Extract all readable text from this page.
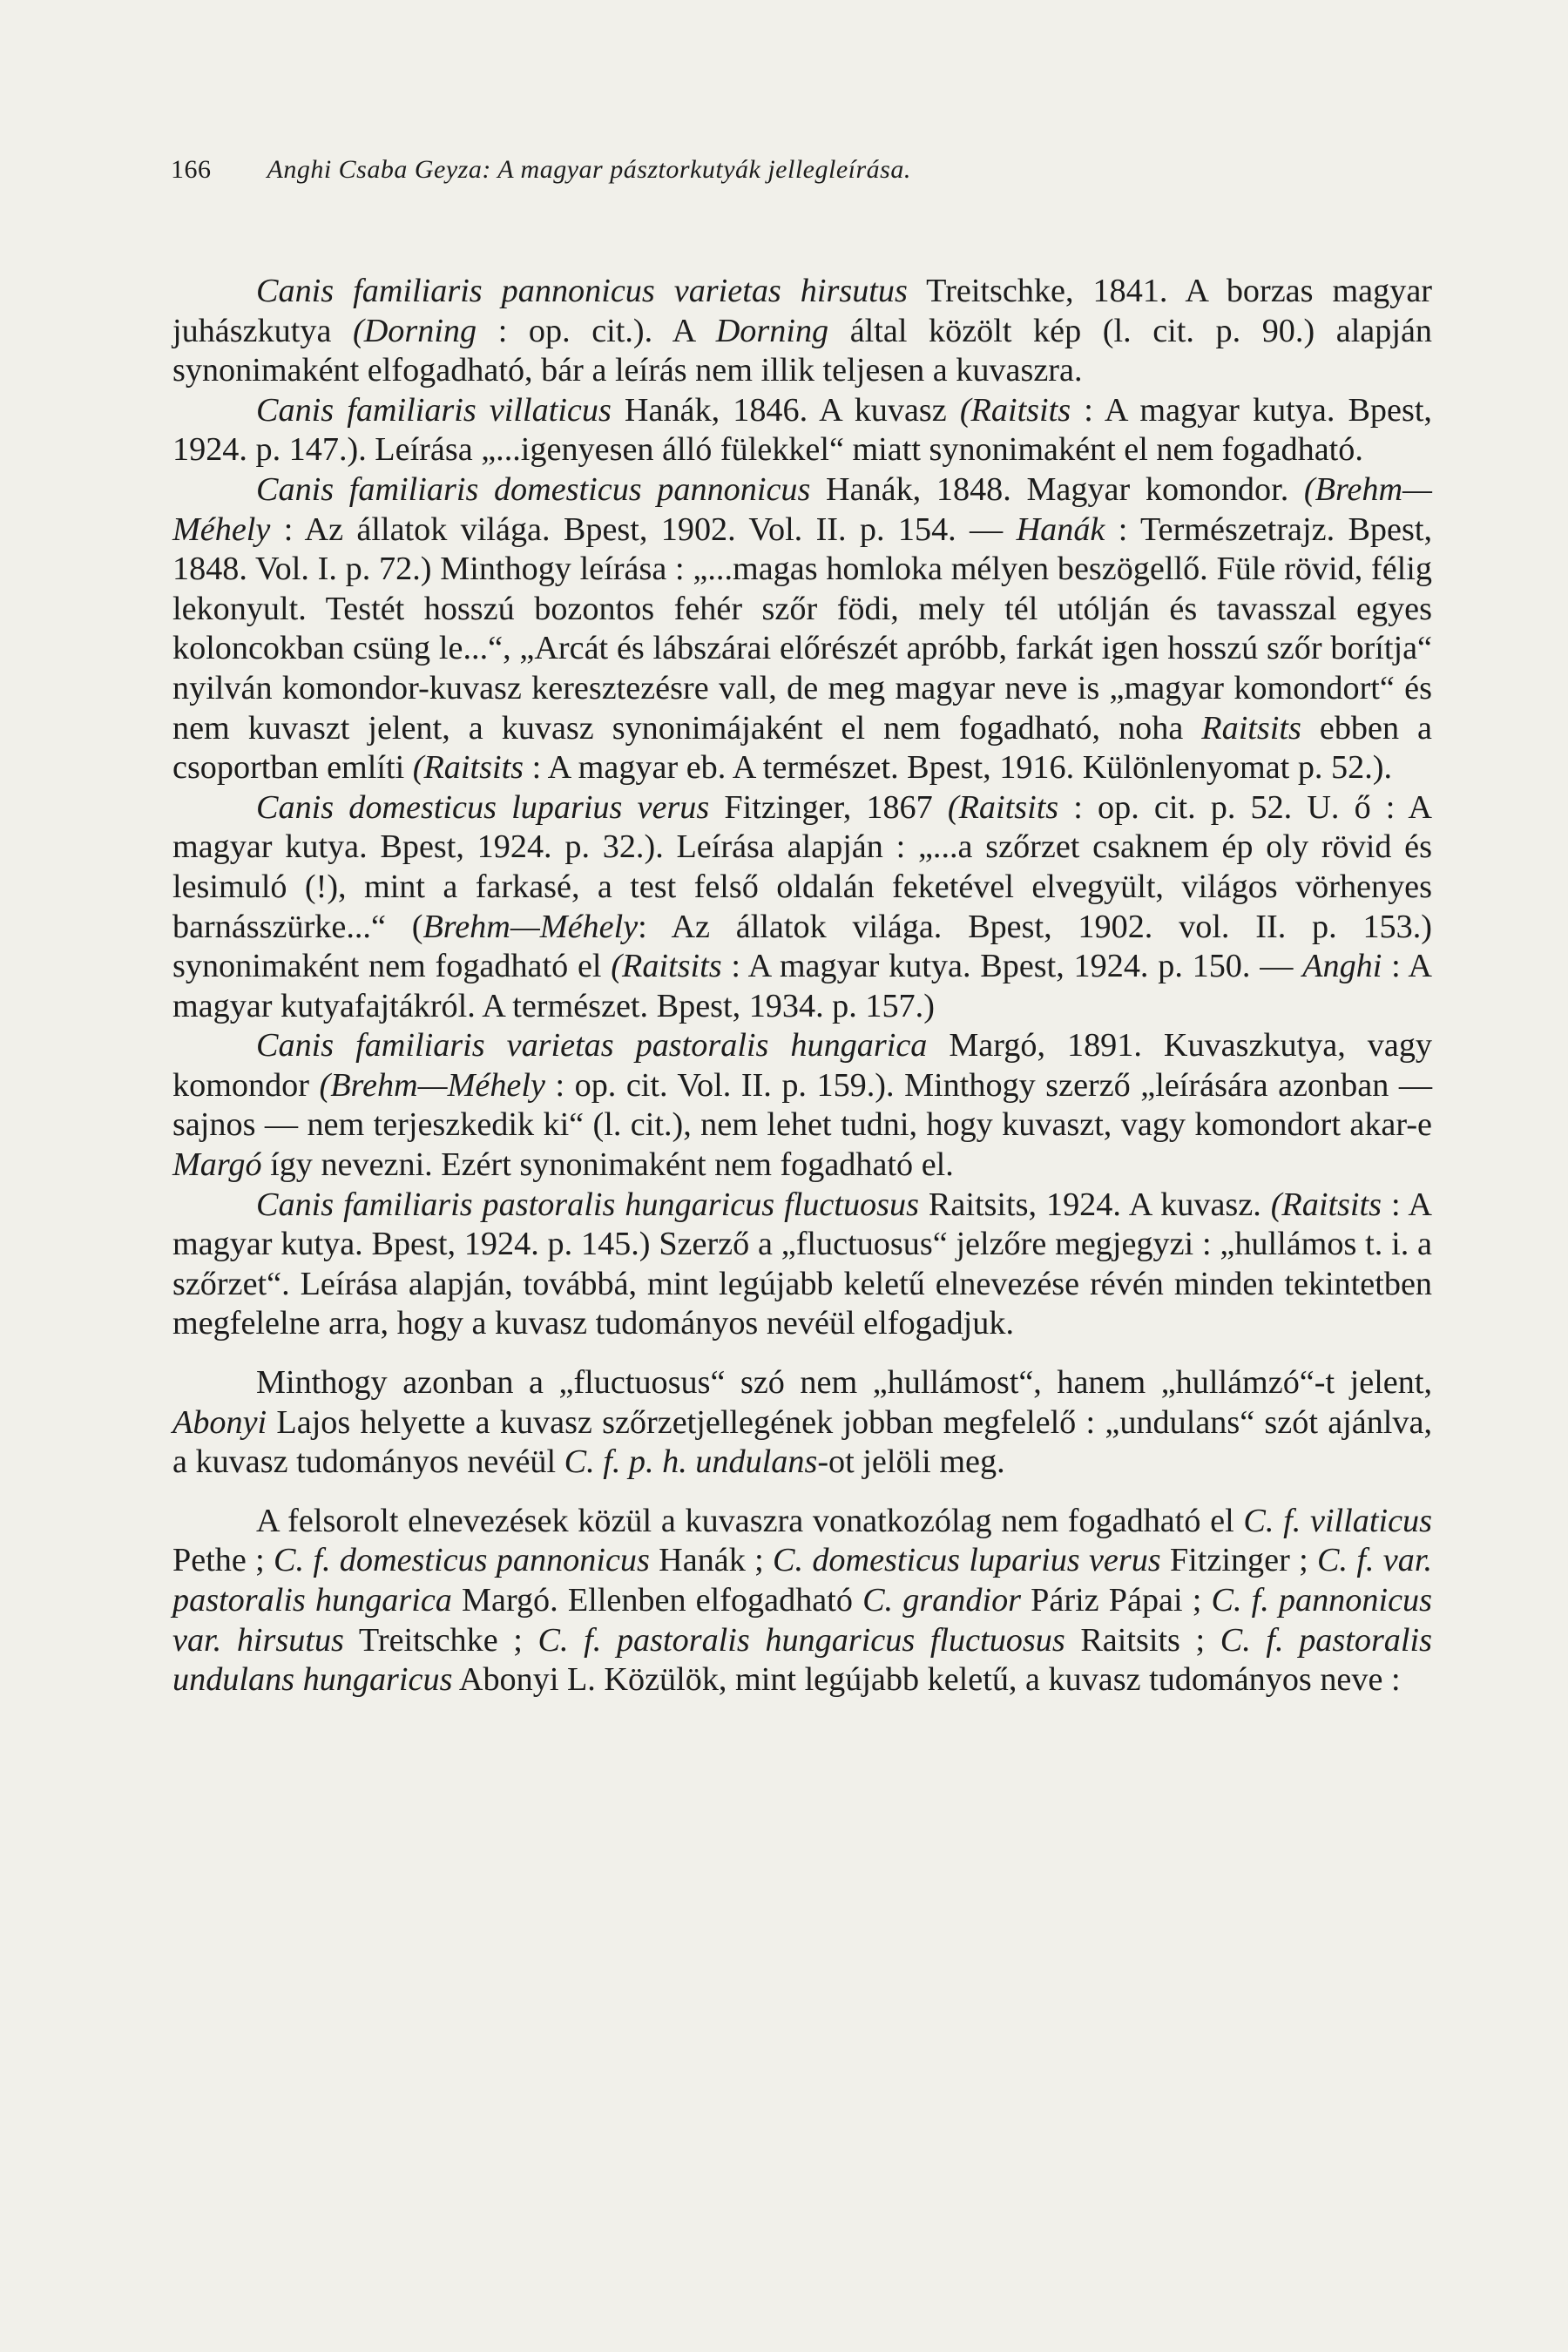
166 Anghi Csaba Geyza: A magyar pásztorkutyák jellegleírása.

Canis familiaris pannonicus varietas hirsutus Treitschke, 1841. A borzas magyar juhászkutya (Dorning : op. cit.). A Dorning által közölt kép (l. cit. p. 90.) alapján synonimaként elfogadható, bár a leírás nem illik teljesen a kuvaszra.

Canis familiaris villaticus Hanák, 1846. A kuvasz (Raitsits : A magyar kutya. Bpest, 1924. p. 147.). Leírása „...igenyesen álló fülekkel“ miatt synonimaként el nem fogadható.

Canis familiaris domesticus pannonicus Hanák, 1848. Magyar komondor. (Brehm—Méhely : Az állatok világa. Bpest, 1902. Vol. II. p. 154. — Hanák : Természetrajz. Bpest, 1848. Vol. I. p. 72.) Minthogy leírása : „...magas homloka mélyen beszögellő. Füle rövid, félig lekonyult. Testét hosszú bozontos fehér szőr födi, mely tél utólján és tavasszal egyes koloncokban csüng le...“, „Arcát és lábszárai előrészét apróbb, farkát igen hosszú szőr borítja“ nyilván komondor-kuvasz keresztezésre vall, de meg magyar neve is „magyar komondort“ és nem kuvaszt jelent, a kuvasz synonimájaként el nem fogadható, noha Raitsits ebben a csoportban említi (Raitsits : A magyar eb. A természet. Bpest, 1916. Különlenyomat p. 52.).

Canis domesticus luparius verus Fitzinger, 1867 (Raitsits : op. cit. p. 52. U. ő : A magyar kutya. Bpest, 1924. p. 32.). Leírása alapján : „...a szőrzet csaknem ép oly rövid és lesimuló (!), mint a farkasé, a test felső oldalán feketével elvegyült, világos vörhenyes barnásszürke...“ (Brehm—Méhely: Az állatok világa. Bpest, 1902. vol. II. p. 153.) synonimaként nem fogadható el (Raitsits : A magyar kutya. Bpest, 1924. p. 150. — Anghi : A magyar kutyafajtákról. A természet. Bpest, 1934. p. 157.)

Canis familiaris varietas pastoralis hungarica Margó, 1891. Kuvaszkutya, vagy komondor (Brehm—Méhely : op. cit. Vol. II. p. 159.). Minthogy szerző „leírására azonban — sajnos — nem terjeszkedik ki“ (l. cit.), nem lehet tudni, hogy kuvaszt, vagy komondort akar-e Margó így nevezni. Ezért synonimaként nem fogadható el.

Canis familiaris pastoralis hungaricus fluctuosus Raitsits, 1924. A kuvasz. (Raitsits : A magyar kutya. Bpest, 1924. p. 145.) Szerző a „fluctuosus“ jelzőre megjegyzi : „hullámos t. i. a szőrzet“. Leírása alapján, továbbá, mint legújabb keletű elnevezése révén minden tekintetben megfelelne arra, hogy a kuvasz tudományos nevéül elfogadjuk.

Minthogy azonban a „fluctuosus“ szó nem „hullámost“, hanem „hullámzó“-t jelent, Abonyi Lajos helyette a kuvasz szőrzetjellegének jobban megfelelő : „undulans“ szót ajánlva, a kuvasz tudományos nevéül C. f. p. h. undulans-ot jelöli meg.

A felsorolt elnevezések közül a kuvaszra vonatkozólag nem fogadható el C. f. villaticus Pethe ; C. f. domesticus pannonicus Hanák ; C. domesticus luparius verus Fitzinger ; C. f. var. pastoralis hungarica Margó. Ellenben elfogadható C. grandior Páriz Pápai ; C. f. pannonicus var. hirsutus Treitschke ; C. f. pastoralis hungaricus fluctuosus Raitsits ; C. f. pastoralis undulans hungaricus Abonyi L. Közülök, mint legújabb keletű, a kuvasz tudományos neve :
